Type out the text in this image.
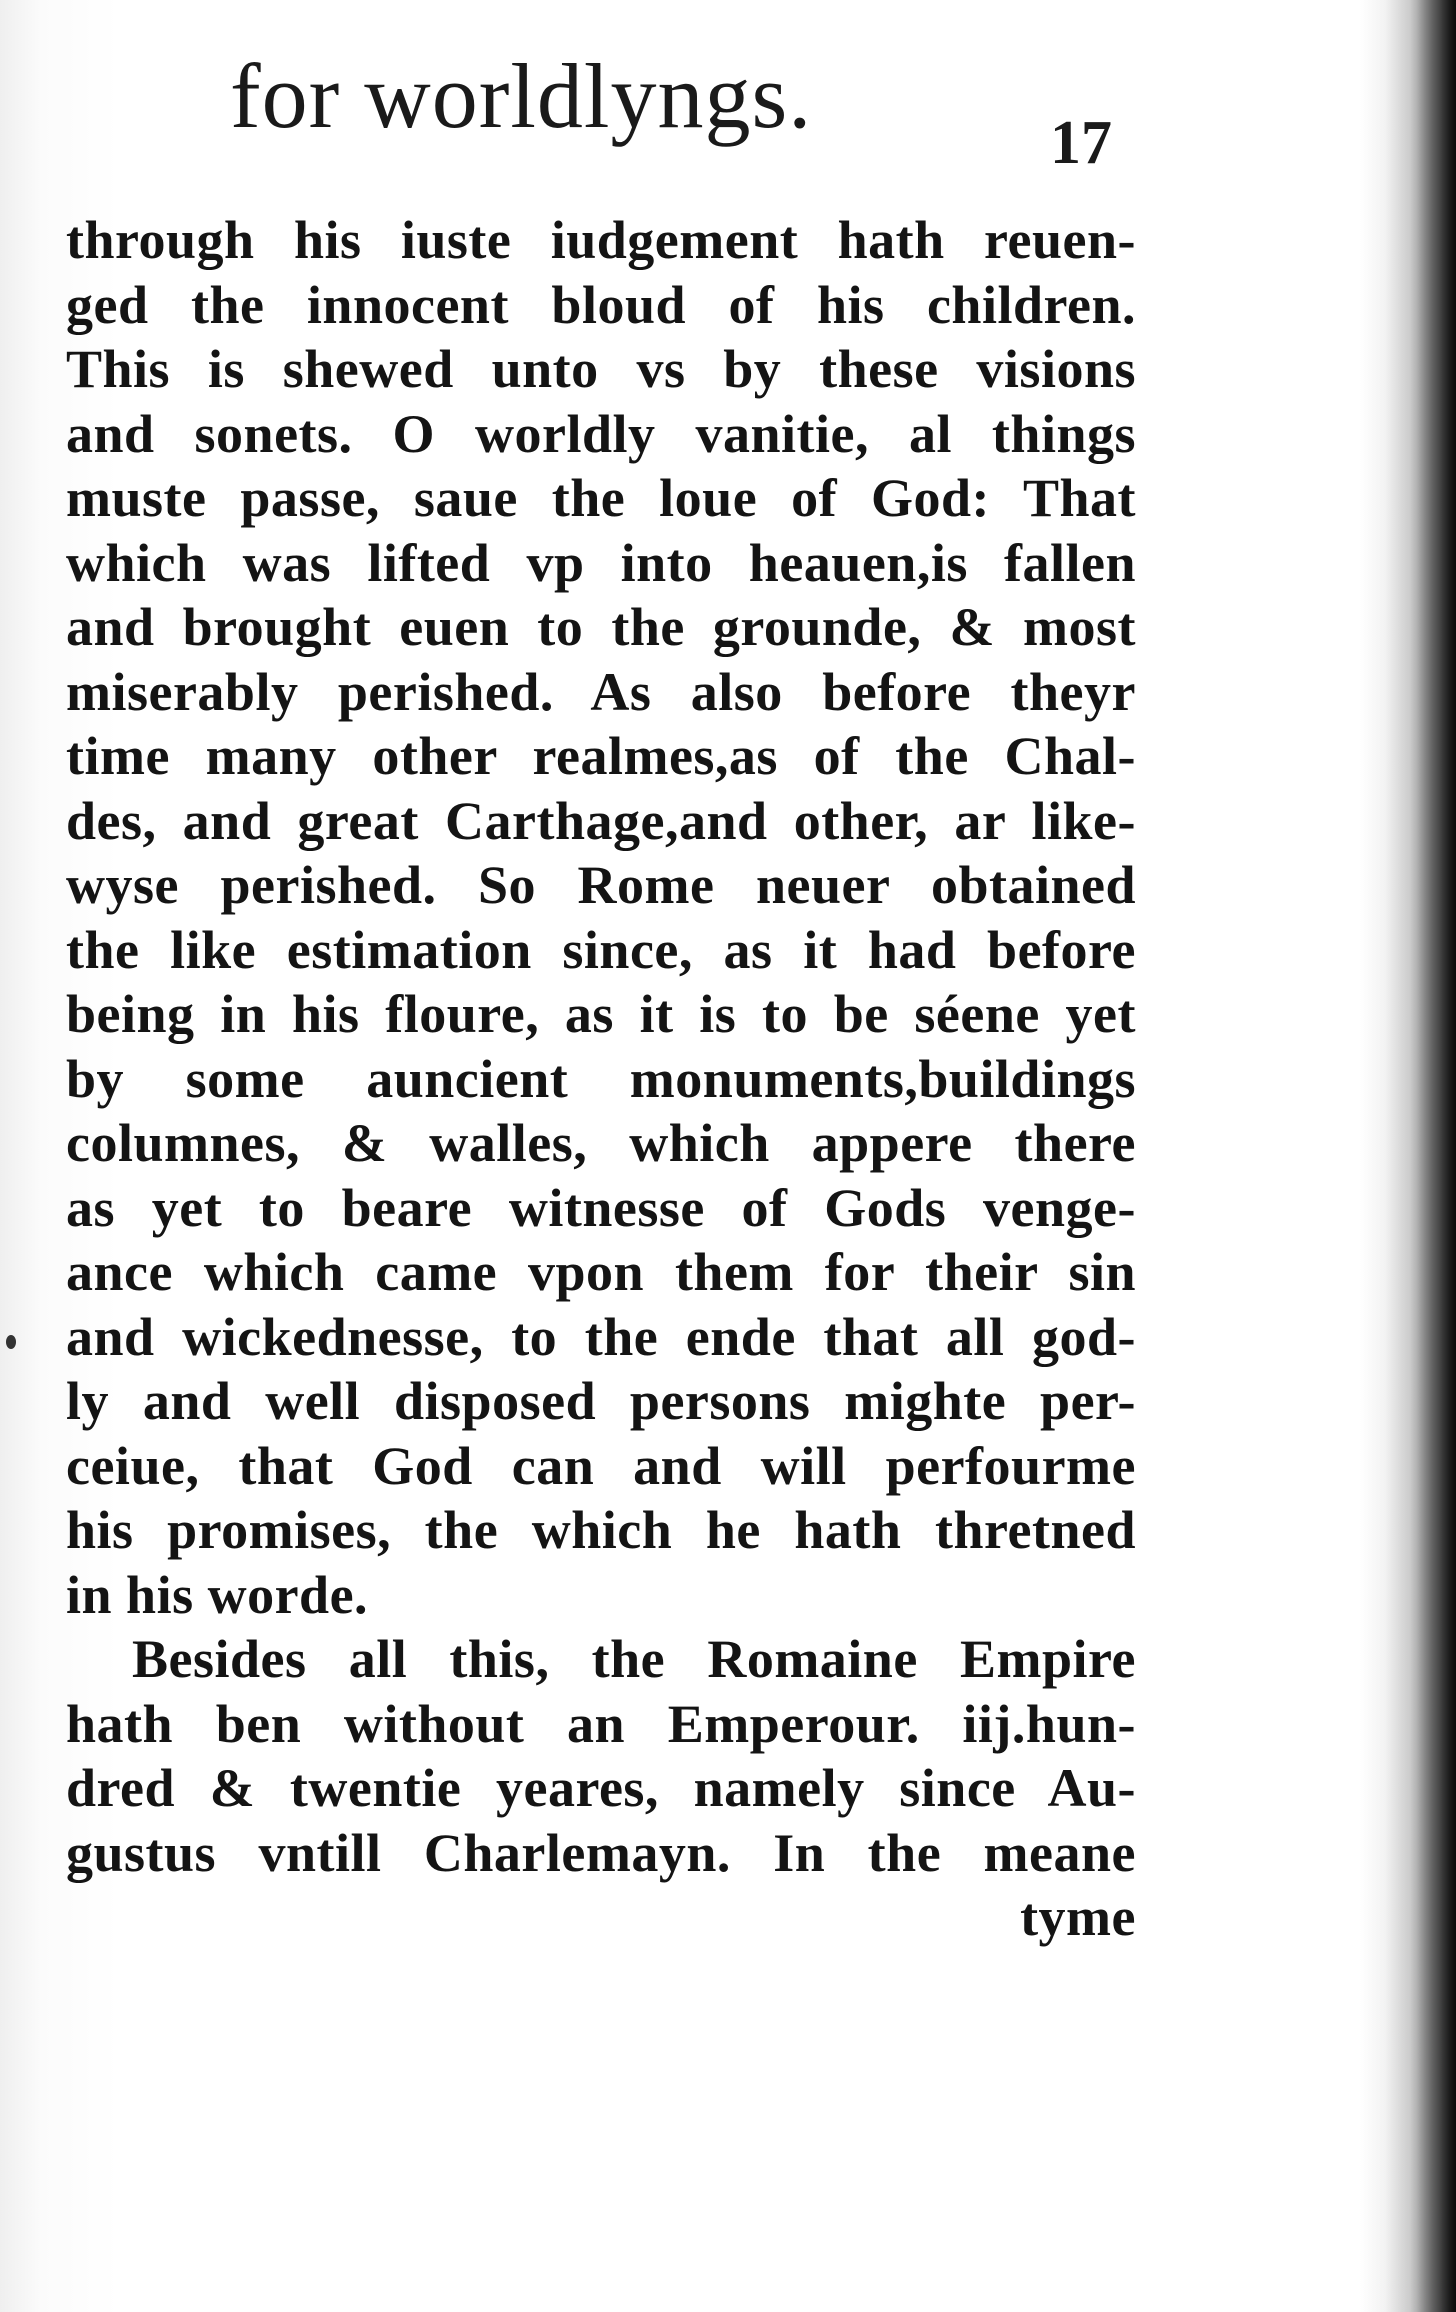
for worldlyngs.	17
through his iuste iudgement hath reuen-
ged the innocent bloud of his children.
This is shewed unto vs by these visions
and sonets. O worldly vanitie, al things
muste passe, saue the loue of God: That
which was lifted vp into heauen,is fallen
and brought euen to the grounde, & most
miserably perished. As also before theyr
time many other realmes,as of the Chal-
des, and great Carthage,and other, ar like-
wyse perished. So Rome neuer obtained
the like estimation since, as it had before
being in his floure, as it is to be séene yet
by some auncient monuments,buildings
columnes, & walles, which appere there
as yet to beare witnesse of Gods venge-
ance which came vpon them for their sin
and wickednesse, to the ende that all god-
ly and well disposed persons mighte per-
ceiue, that God can and will perfourme
his promises, the which he hath thretned
in his worde.
Besides all this, the Romaine Empire
hath ben without an Emperour. iij.hun-
dred & twentie yeares, namely since Au-
gustus vntill Charlemayn. In the meane
tyme
